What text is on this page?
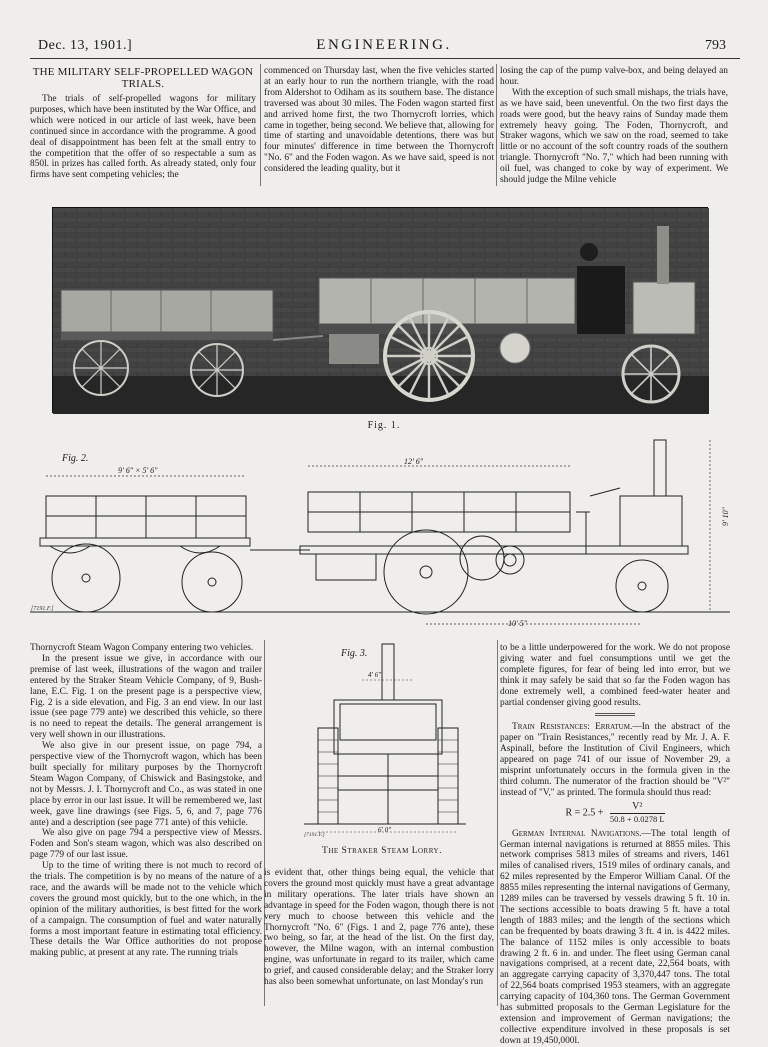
Dec. 13, 1901.]	ENGINEERING.	793
THE MILITARY SELF-PROPELLED WAGON TRIALS.

The trials of self-propelled wagons for military purposes, which have been instituted by the War Office, and which were noticed in our article of last week, have been continued since in accordance with the programme. A good deal of disappointment has been felt at the small entry to the competition that the offer of so respectable a sum as 850l. in prizes has called forth. As already stated, only four firms have sent competing vehicles; the

commenced on Thursday last, when the five vehicles started at an early hour to run the northern triangle, with the road from Aldershot to Odiham as its southern base. The distance traversed was about 30 miles. The Foden wagon started first and arrived home first, the two Thornycroft lorries, which came in together, being second. We believe that, allowing for time of starting and unavoidable detentions, there was but four minutes' difference in time between the Thornycroft "No. 6" and the Foden wagon. As we have said, speed is not considered the leading quality, but it

losing the cap of the pump valve-box, and being delayed an hour.

With the exception of such small mishaps, the trials have, as we have said, been uneventful. On the two first days the roads were good, but the heavy rains of Sunday made them extremely heavy going. The Foden, Thornycroft, and Straker wagons, which we saw on the road, seemed to take little or no account of the soft country roads of the southern triangle. Thornycroft "No. 7," which had been running with oil fuel, was changed to coke by way of experiment. We should judge the Milne vehicle

Fig. 1.
Fig. 2.
[7191.F.]
9' 6" × 5' 6"
12' 6"
9' 10"
10' 5"

Thornycroft Steam Wagon Company entering two vehicles.

In the present issue we give, in accordance with our premise of last week, illustrations of the wagon and trailer entered by the Straker Steam Vehicle Company, of 9, Bush-lane, E.C. Fig. 1 on the present page is a perspective view, Fig. 2 is a side elevation, and Fig. 3 an end view. In our last issue (see page 779 ante) we described this vehicle, so there is no need to repeat the details. The general arrangement is very well shown in our illustrations.

We also give in our present issue, on page 794, a perspective view of the Thornycroft wagon, which has been built specially for military purposes by the Thornycroft Steam Wagon Company, of Chiswick and Basingstoke, and not by Messrs. J. I. Thornycroft and Co., as was stated in one place by error in our last issue. It will be remembered we, last week, gave line drawings (see Figs. 5, 6, and 7, page 776 ante) and a description (see page 771 ante) of this vehicle.

We also give on page 794 a perspective view of Messrs. Foden and Son's steam wagon, which was also described on page 779 of our last issue.

Up to the time of writing there is not much to record of the trials. The competition is by no means of the nature of a race, and the awards will be made not to the vehicle which covers the ground most quickly, but to the one which, in the opinion of the military authorities, is best fitted for the work of a campaign. The consumption of fuel and water naturally forms a most important feature in estimating total efficiency. These details the War Office authorities do not propose making public, at present at any rate. The running trials

Fig. 3.
[7191.F.]
4' 6"
6' 0"
The Straker Steam Lorry.

is evident that, other things being equal, the vehicle that covers the ground most quickly must have a great advantage in military operations. The later trials have shown an advantage in speed for the Foden wagon, though there is not very much to choose between this vehicle and the Thornycroft "No. 6" (Figs. 1 and 2, page 776 ante), these two being, so far, at the head of the list. On the first day, however, the Milne wagon, with an internal combustion engine, was unfortunate in regard to its trailer, which came to grief, and caused considerable delay; and the Straker lorry has also been somewhat unfortunate, on last Monday's run

to be a little underpowered for the work. We do not propose giving water and fuel consumptions until we get the complete figures, for fear of being led into error, but we think it may safely be said that so far the Foden wagon has done extremely well, a combined feed-water heater and partial condenser giving good results.

Train Resistances: Erratum.—In the abstract of the paper on "Train Resistances," recently read by Mr. J. A. F. Aspinall, before the Institution of Civil Engineers, which appeared on page 741 of our issue of November 29, a misprint unfortunately occurs in the formula given in the third column. The numerator of the fraction should be "V²" instead of "V," as printed. The formula should thus read:

$R = 2.5 + \frac{\text{V²}}{50.8 + 0.0278 L}$

German Internal Navigations.—The total length of German internal navigations is returned at 8855 miles. This network comprises 5813 miles of streams and rivers, 1461 miles of canalised rivers, 1519 miles of ordinary canals, and 62 miles represented by the Emperor William Canal. Of the 8855 miles representing the internal navigations of Germany, 1289 miles can be traversed by vessels drawing 5 ft. 10 in. The sections accessible to boats drawing 5 ft. have a total length of 1883 miles; and the length of the sections which can be frequented by boats drawing 3 ft. 4 in. is 4422 miles. The balance of 1152 miles is only accessible to boats drawing 2 ft. 6 in. and under. The fleet using German canal navigations comprised, at a recent date, 22,564 boats, with an aggregate carrying capacity of 3,370,447 tons. The total of 22,564 boats comprised 1953 steamers, with an aggregate carrying capacity of 104,360 tons. The German Government has submitted proposals to the German Legislature for the extension and improvement of German navigations; the collective expenditure involved in these proposals is set down at 19,450,000l.
